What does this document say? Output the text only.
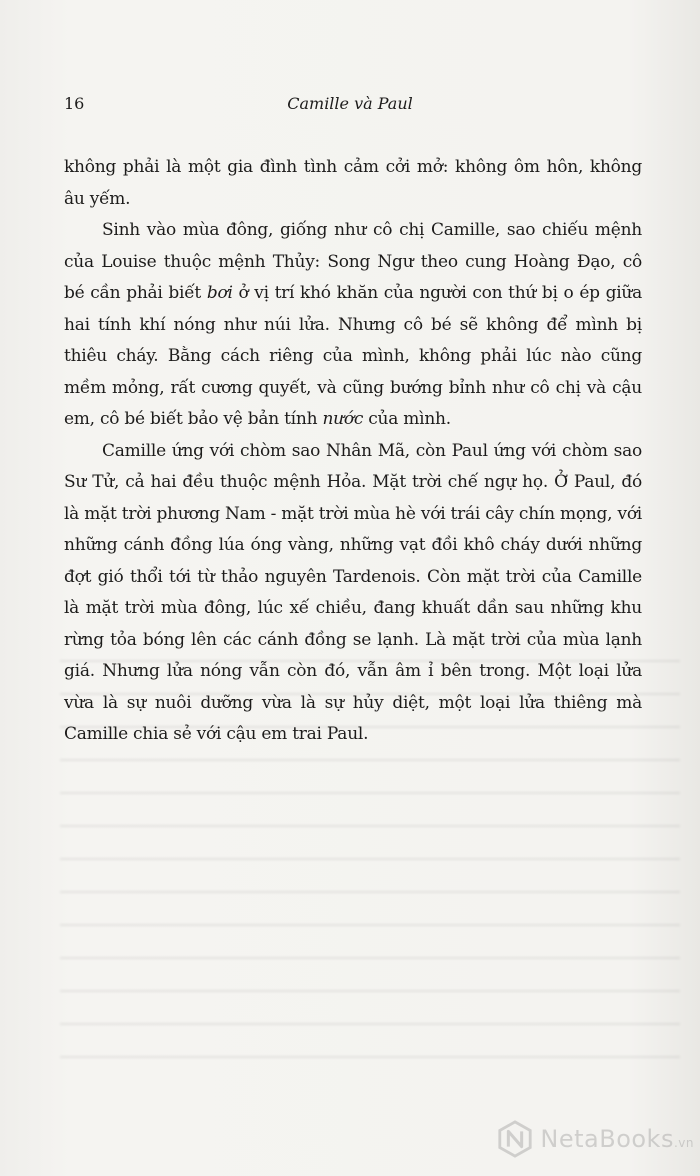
16	Camille và Paul

không phải là một gia đình tình cảm cởi mở: không ôm hôn, không âu yếm.

Sinh vào mùa đông, giống như cô chị Camille, sao chiếu mệnh của Louise thuộc mệnh Thủy: Song Ngư theo cung Hoàng Đạo, cô bé cần phải biết bơi ở vị trí khó khăn của người con thứ bị o ép giữa hai tính khí nóng như núi lửa. Nhưng cô bé sẽ không để mình bị thiêu cháy. Bằng cách riêng của mình, không phải lúc nào cũng mềm mỏng, rất cương quyết, và cũng bướng bỉnh như cô chị và cậu em, cô bé biết bảo vệ bản tính nước của mình.

Camille ứng với chòm sao Nhân Mã, còn Paul ứng với chòm sao Sư Tử, cả hai đều thuộc mệnh Hỏa. Mặt trời chế ngự họ. Ở Paul, đó là mặt trời phương Nam - mặt trời mùa hè với trái cây chín mọng, với những cánh đồng lúa óng vàng, những vạt đồi khô cháy dưới những đợt gió thổi tới từ thảo nguyên Tardenois. Còn mặt trời của Camille là mặt trời mùa đông, lúc xế chiều, đang khuất dần sau những khu rừng tỏa bóng lên các cánh đồng se lạnh. Là mặt trời của mùa lạnh giá. Nhưng lửa nóng vẫn còn đó, vẫn âm ỉ bên trong. Một loại lửa vừa là sự nuôi dưỡng vừa là sự hủy diệt, một loại lửa thiêng mà Camille chia sẻ với cậu em trai Paul.

NetaBooks.vn
